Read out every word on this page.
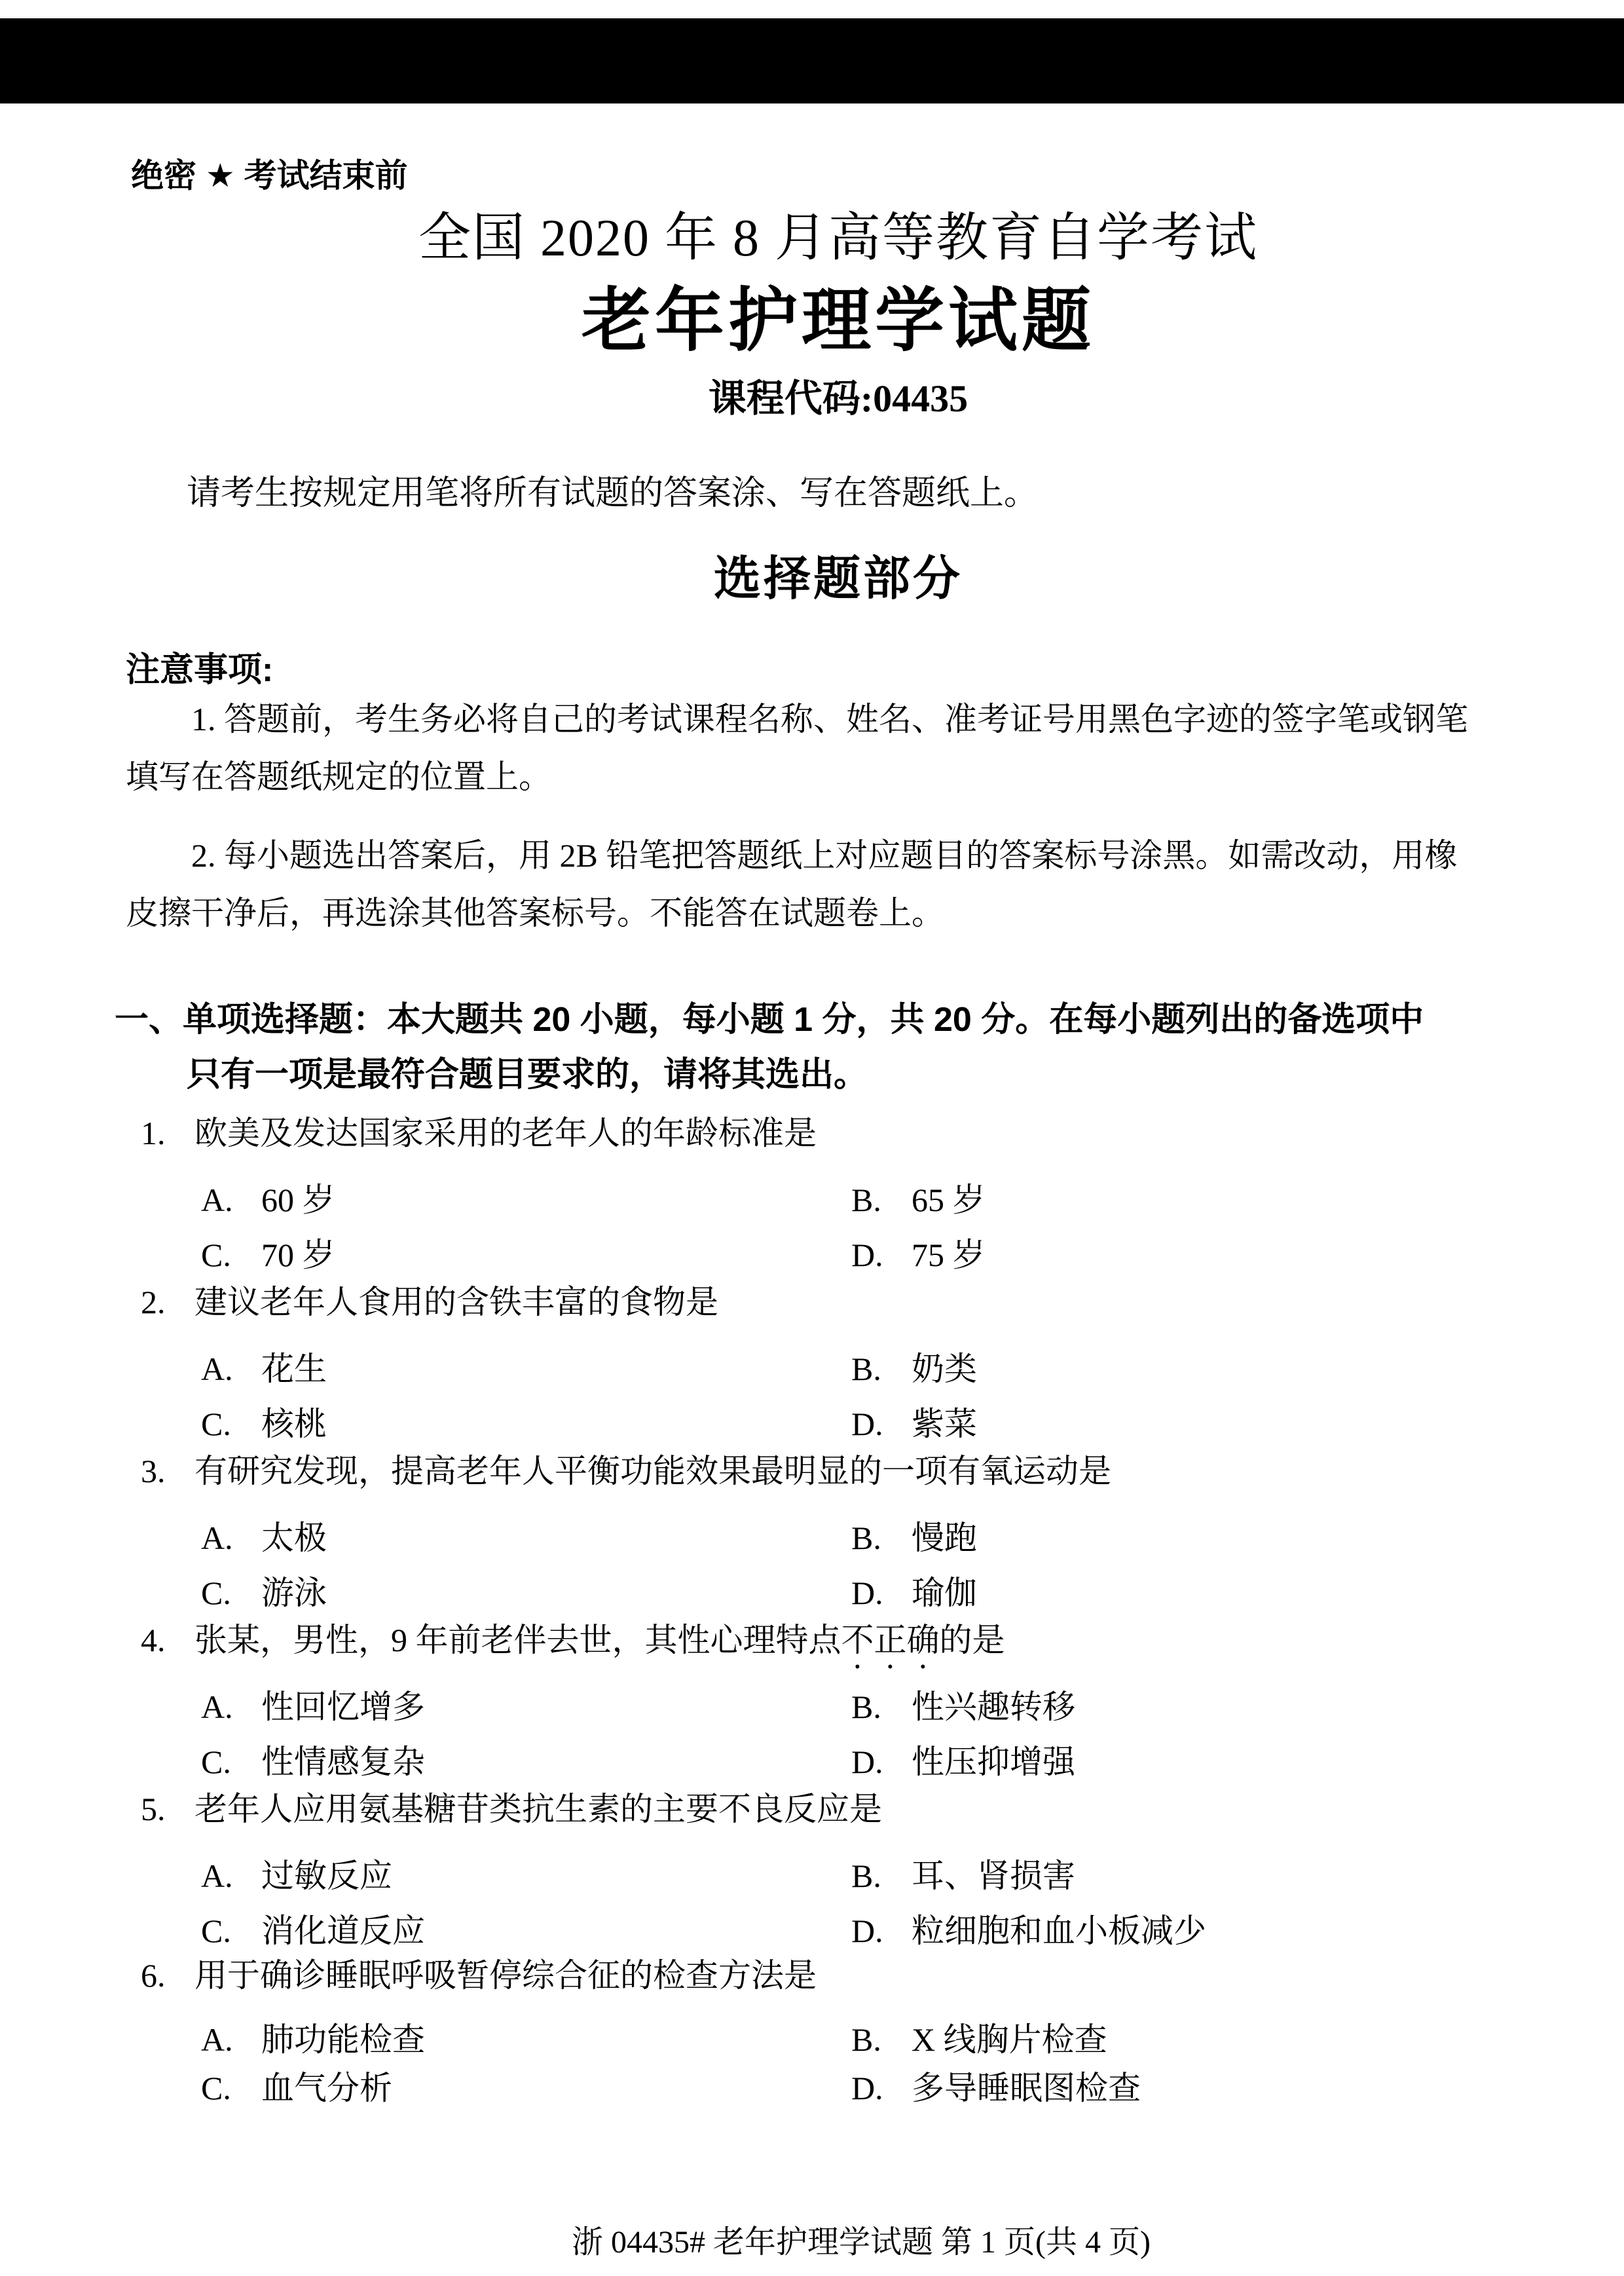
绝密 ★ 考试结束前
全国 2020 年 8 月高等教育自学考试
老年护理学试题
课程代码:04435
请考生按规定用笔将所有试题的答案涂、写在答题纸上。
选择题部分
注意事项:
1. 答题前，考生务必将自己的考试课程名称、姓名、准考证号用黑色字迹的签字笔或钢笔
填写在答题纸规定的位置上。
2. 每小题选出答案后，用 2B 铅笔把答题纸上对应题目的答案标号涂黑。如需改动，用橡
皮擦干净后，再选涂其他答案标号。不能答在试题卷上。
一、单项选择题：本大题共 20 小题，每小题 1 分，共 20 分。在每小题列出的备选项中
只有一项是最符合题目要求的，请将其选出。
1. 欧美及发达国家采用的老年人的年龄标准是
A. 60 岁	B. 65 岁
C. 70 岁	D. 75 岁
2. 建议老年人食用的含铁丰富的食物是
A. 花生	B. 奶类
C. 核桃	D. 紫菜
3. 有研究发现，提高老年人平衡功能效果最明显的一项有氧运动是
A. 太极	B. 慢跑
C. 游泳	D. 瑜伽
4. 张某，男性，9 年前老伴去世，其性心理特点不正确的是
A. 性回忆增多	B. 性兴趣转移
C. 性情感复杂	D. 性压抑增强
5. 老年人应用氨基糖苷类抗生素的主要不良反应是
A. 过敏反应	B. 耳、肾损害
C. 消化道反应	D. 粒细胞和血小板减少
6. 用于确诊睡眠呼吸暂停综合征的检查方法是
A. 肺功能检查	B. X 线胸片检查
C. 血气分析	D. 多导睡眠图检查
浙 04435# 老年护理学试题 第 1 页(共 4 页)
